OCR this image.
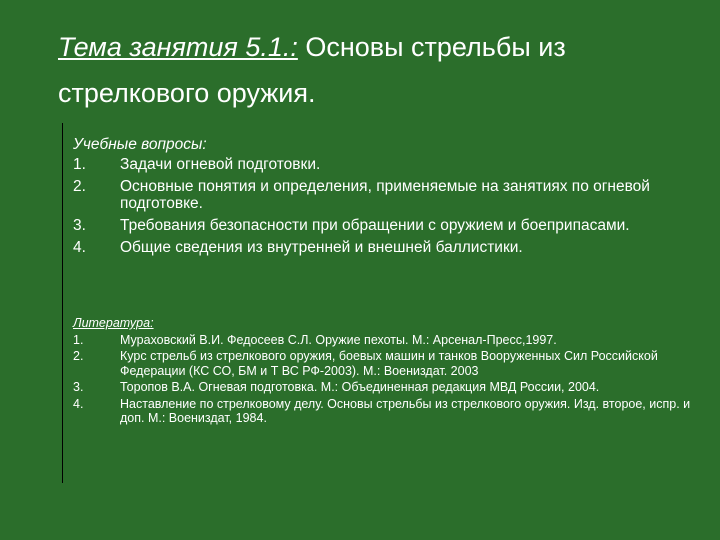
Тема занятия 5.1.: Основы стрельбы из стрелкового оружия.
Учебные вопросы:
1.	Задачи огневой подготовки.
2.	Основные понятия и определения, применяемые на занятиях по огневой подготовке.
3.	Требования безопасности при обращении с оружием и боеприпасами.
4.	Общие сведения из внутренней и внешней баллистики.
Литература:
1.	Мураховский В.И. Федосеев С.Л. Оружие пехоты. М.: Арсенал-Пресс,1997.
2.	Курс стрельб из стрелкового оружия, боевых машин и танков Вооруженных Сил Российской Федерации (КС СО, БМ и Т ВС РФ-2003). М.: Воениздат. 2003
3.	Торопов В.А. Огневая подготовка. М.: Объединенная редакция МВД России, 2004.
4.	Наставление по стрелковому делу. Основы стрельбы из стрелкового оружия. Изд. второе, испр. и доп. М.: Воениздат, 1984.
